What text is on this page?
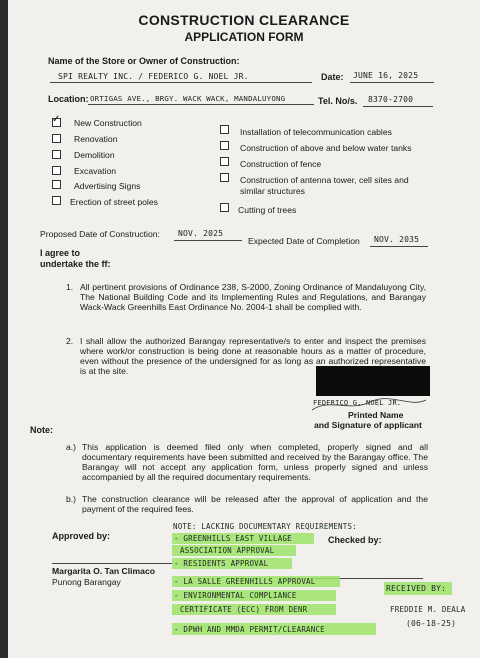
CONSTRUCTION CLEARANCE
APPLICATION FORM
Name of the Store or Owner of Construction:
SPI REALTY INC. / FEDERICO G. NOEL JR.	Date: JUNE 16, 2025
Location: ORTIGAS AVE., BRGY. WACK WACK, MANDALUYONG	Tel. No/s. 8370-2700
✓
New Construction
Renovation
Demolition
Excavation
Advertising Signs
Erection of street poles
Installation of telecommunication cables
Construction of above and below water tanks
Construction of fence
Construction of antenna tower, cell sites and
similar structures
Cutting of trees
Proposed Date of Construction: NOV. 2025
Expected Date of Completion NOV. 2035
I agree to
undertake the ff:
1. All pertinent provisions of Ordinance 238, S-2000, Zoning Ordinance of Mandaluyong City, The National Building Code and its Implementing Rules and Regulations, and Barangay Wack-Wack Greenhills East Ordinance No. 2004-1 shall be complied with.
2. I shall allow the authorized Barangay representative/s to enter and inspect the premises where work/or construction is being done at reasonable hours as a matter of procedure, even without the presence of the undersigned for as long as an authorized representative is at the site.
FEDERICO G. NOEL JR.
Printed Name
and Signature of applicant
Note:
a.) This application is deemed filed only when completed, properly signed and all documentary requirements have been submitted and received by the Barangay office. The Barangay will not accept any application form, unless properly signed and unless accompanied by all the required documentary requirements.
b.) The construction clearance will be released after the approval of application and the payment of the required fees.
Approved by:	Checked by:
Margarita O. Tan Climaco
Punong Barangay
NOTE: LACKING DOCUMENTARY REQUIREMENTS:
- GREENHILLS EAST VILLAGE
ASSOCIATION APPROVAL
- RESIDENTS APPROVAL
- LA SALLE GREENHILLS APPROVAL
- ENVIRONMENTAL COMPLIANCE
CERTIFICATE (ECC) FROM DENR
- DPWH AND MMDA PERMIT/CLEARANCE
RECEIVED BY:
FREDDIE M. DEALA
(06-18-25)
